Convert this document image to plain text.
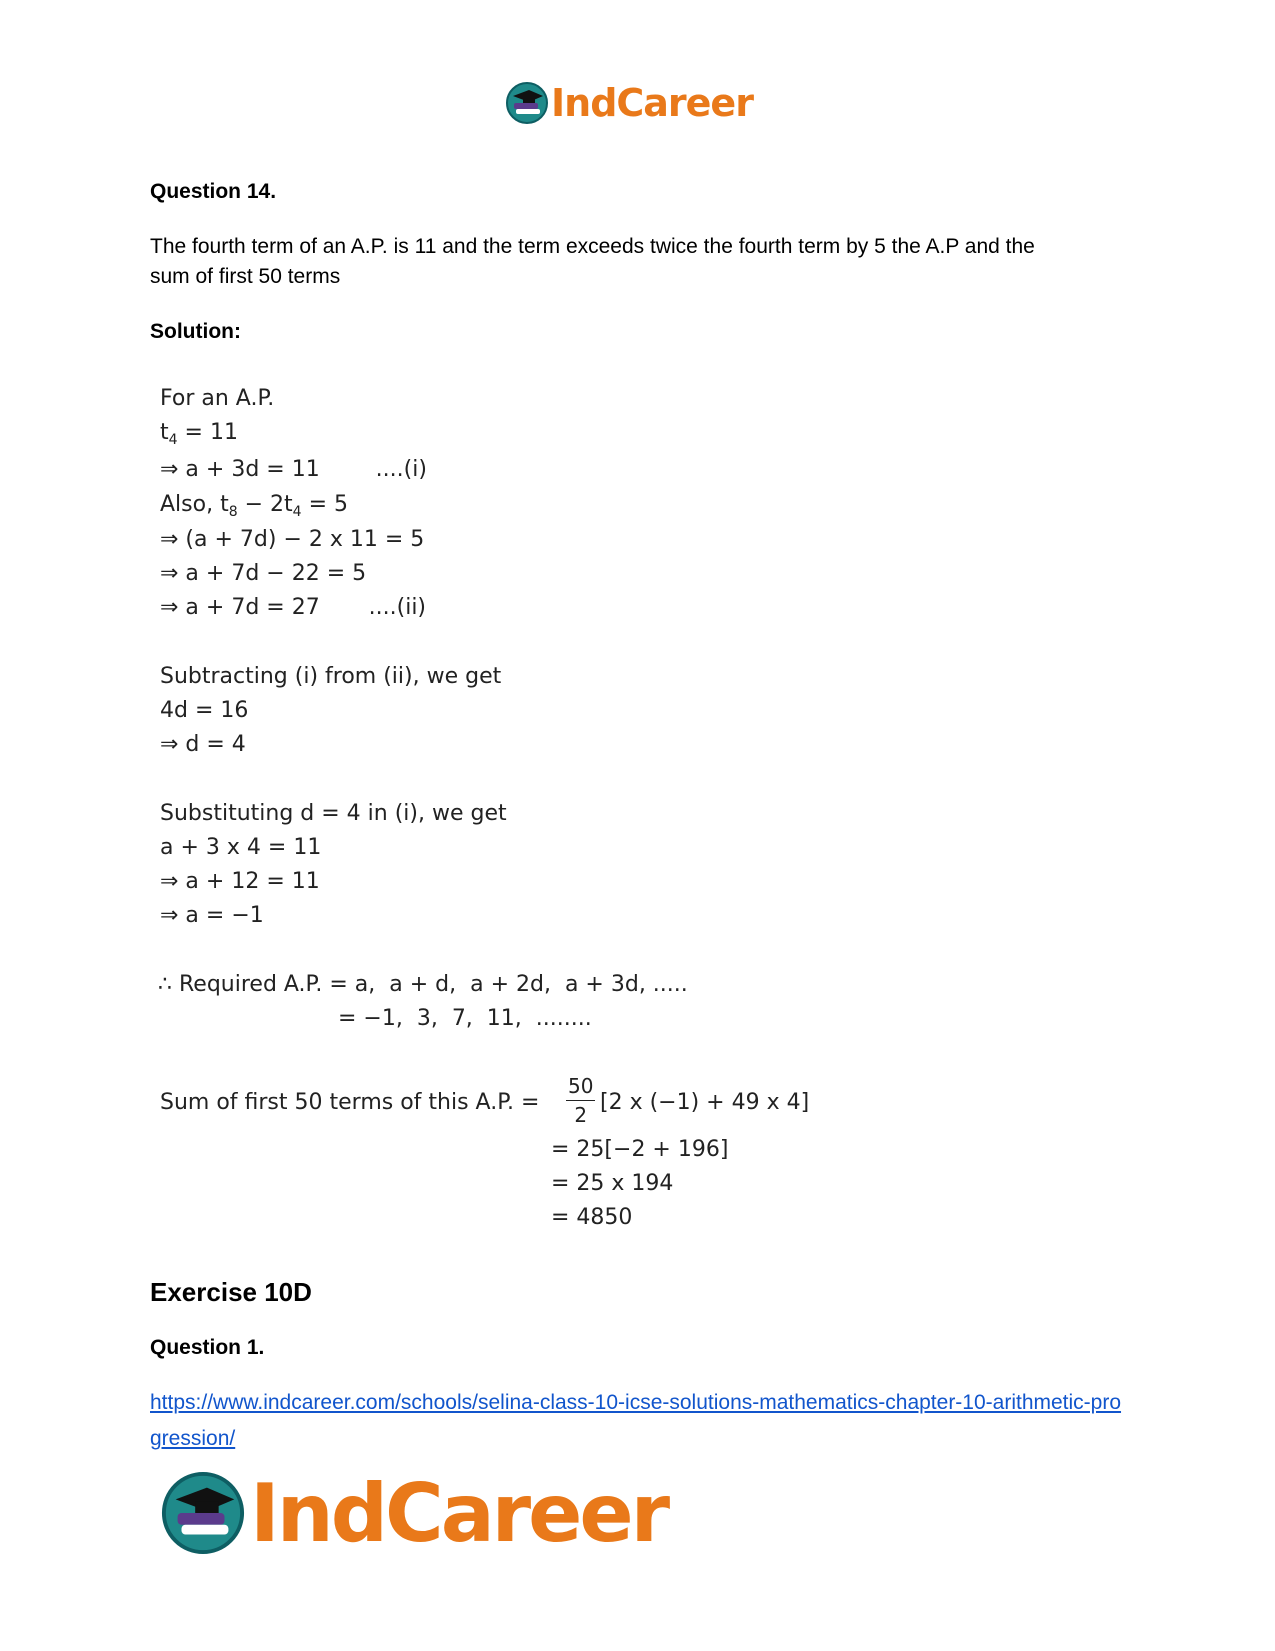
IndCareer
Question 14.
The fourth term of an A.P. is 11 and the term exceeds twice the fourth term by 5 the A.P and the
sum of first 50 terms
Solution:
For an A.P.
$t_4 = 11$
⇒ a + 3d = 11        ....(i)
Also, $t_8 - 2t_4 = 5$
⇒ (a + 7d) − 2 x 11 = 5
⇒ a + 7d − 22 = 5
⇒ a + 7d = 27       ....(ii)
Subtracting (i) from (ii), we get
4d = 16
⇒ d = 4
Substituting d = 4 in (i), we get
a + 3 x 4 = 11
⇒ a + 12 = 11
⇒ a = −1
∴ Required A.P. = a,  a + d,  a + 2d,  a + 3d, .....
= −1,  3,  7,  11,  ........
Sum of first 50 terms of this A.P. =
50
2 [2 x (−1) + 49 x 4]
= 25[−2 + 196]
= 25 x 194
= 4850
Exercise 10D
Question 1.
https://www.indcareer.com/schools/selina-class-10-icse-solutions-mathematics-chapter-10-arithmetic-progression/
IndCareer
